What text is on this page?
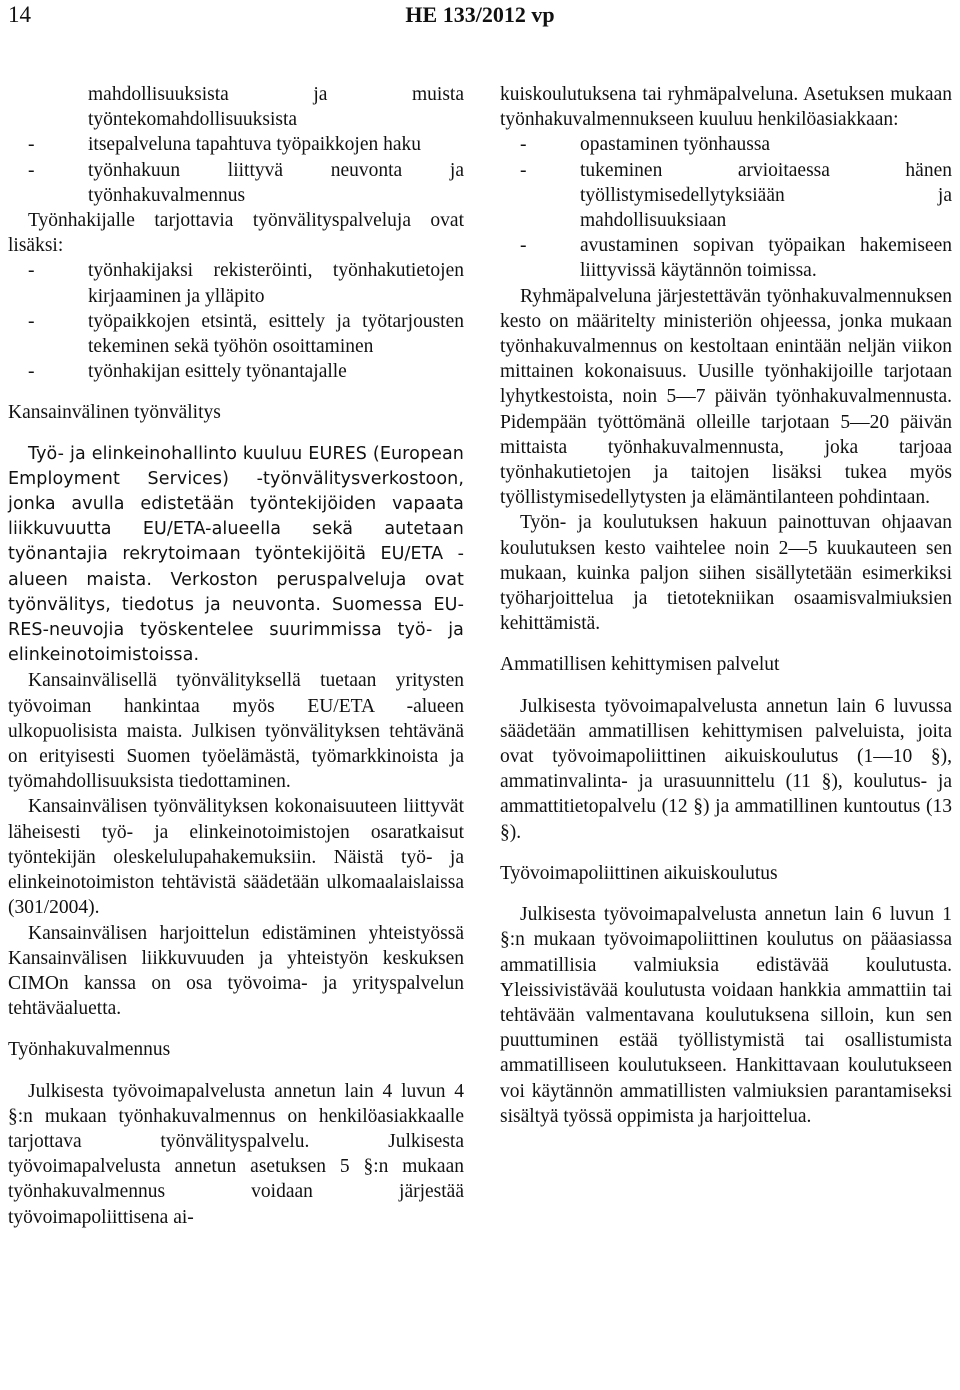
14	HE 133/2012 vp

mahdollisuuksista ja muista työntekomahdollisuuksista

-	itsepalveluna tapahtuva työpaikkojen haku
-	työnhakuun liittyvä neuvonta ja työnhakuvalmennus

Työnhakijalle tarjottavia työnvälityspalveluja ovat lisäksi:

-	työnhakijaksi rekisteröinti, työnhakutietojen kirjaaminen ja ylläpito
-	työpaikkojen etsintä, esittely ja työtarjousten tekeminen sekä työhön osoittaminen
-	työnhakijan esittely työnantajalle

Kansainvälinen työnvälitys

Työ- ja elinkeinohallinto kuuluu EURES (European Employment Services) -työnvälitysverkostoon, jonka avulla edistetään työntekijöiden vapaata liikkuvuutta EU/ETA-alueella sekä autetaan työnantajia rekrytoimaan työntekijöitä EU/ETA -alueen maista. Verkoston peruspalveluja ovat työnvälitys, tiedotus ja neuvonta. Suomessa EU-RES-neuvojia työskentelee suurimmissa työ- ja elinkeinotoimistoissa.

Kansainvälisellä työnvälityksellä tuetaan yritysten työvoiman hankintaa myös EU/ETA -alueen ulkopuolisista maista. Julkisen työnvälityksen tehtävänä on erityisesti Suomen työelämästä, työmarkkinoista ja työmahdollisuuksista tiedottaminen.

Kansainvälisen työnvälityksen kokonaisuuteen liittyvät läheisesti työ- ja elinkeinotoimistojen osaratkaisut työntekijän oleskelulupahakemuksiin. Näistä työ- ja elinkeinotoimiston tehtävistä säädetään ulkomaalaislaissa (301/2004).

Kansainvälisen harjoittelun edistäminen yhteistyössä Kansainvälisen liikkuvuuden ja yhteistyön keskuksen CIMOn kanssa on osa työvoima- ja yrityspalvelun tehtäväaluetta.

Työnhakuvalmennus

Julkisesta työvoimapalvelusta annetun lain 4 luvun 4 §:n mukaan työnhakuvalmennus on henkilöasiakkaalle tarjottava työnvälityspalvelu. Julkisesta työvoimapalvelusta annetun asetuksen 5 §:n mukaan työnhakuvalmennus voidaan järjestää työvoimapoliittisena ai-

kuiskoulutuksena tai ryhmäpalveluna. Asetuksen mukaan työnhakuvalmennukseen kuuluu henkilöasiakkaan:

-	opastaminen työnhaussa
-	tukeminen arvioitaessa hänen työllistymisedellytyksiään ja mahdollisuuksiaan
-	avustaminen sopivan työpaikan hakemiseen liittyvissä käytännön toimissa.

Ryhmäpalveluna järjestettävän työnhakuvalmennuksen kesto on määritelty ministeriön ohjeessa, jonka mukaan työnhakuvalmennus on kestoltaan enintään neljän viikon mittainen kokonaisuus. Uusille työnhakijoille tarjotaan lyhytkestoista, noin 5—7 päivän työnhakuvalmennusta. Pidempään työttömänä olleille tarjotaan 5—20 päivän mittaista työnhakuvalmennusta, joka tarjoaa työnhakutietojen ja taitojen lisäksi tukea myös työllistymisedellytysten ja elämäntilanteen pohdintaan.

Työn- ja koulutuksen hakuun painottuvan ohjaavan koulutuksen kesto vaihtelee noin 2—5 kuukauteen sen mukaan, kuinka paljon siihen sisällytetään esimerkiksi työharjoittelua ja tietotekniikan osaamisvalmiuksien kehittämistä.

Ammatillisen kehittymisen palvelut

Julkisesta työvoimapalvelusta annetun lain 6 luvussa säädetään ammatillisen kehittymisen palveluista, joita ovat työvoimapoliittinen aikuiskoulutus (1—10 §), ammatinvalinta- ja urasuunnittelu (11 §), koulutus- ja ammattitietopalvelu (12 §) ja ammatillinen kuntoutus (13 §).

Työvoimapoliittinen aikuiskoulutus

Julkisesta työvoimapalvelusta annetun lain 6 luvun 1 §:n mukaan työvoimapoliittinen koulutus on pääasiassa ammatillisia valmiuksia edistävää koulutusta. Yleissivistävää koulutusta voidaan hankkia ammattiin tai tehtävään valmentavana koulutuksena silloin, kun sen puuttuminen estää työllistymistä tai osallistumista ammatilliseen koulutukseen. Hankittavaan koulutukseen voi käytännön ammatillisten valmiuksien parantamiseksi sisältyä työssä oppimista ja harjoittelua.
